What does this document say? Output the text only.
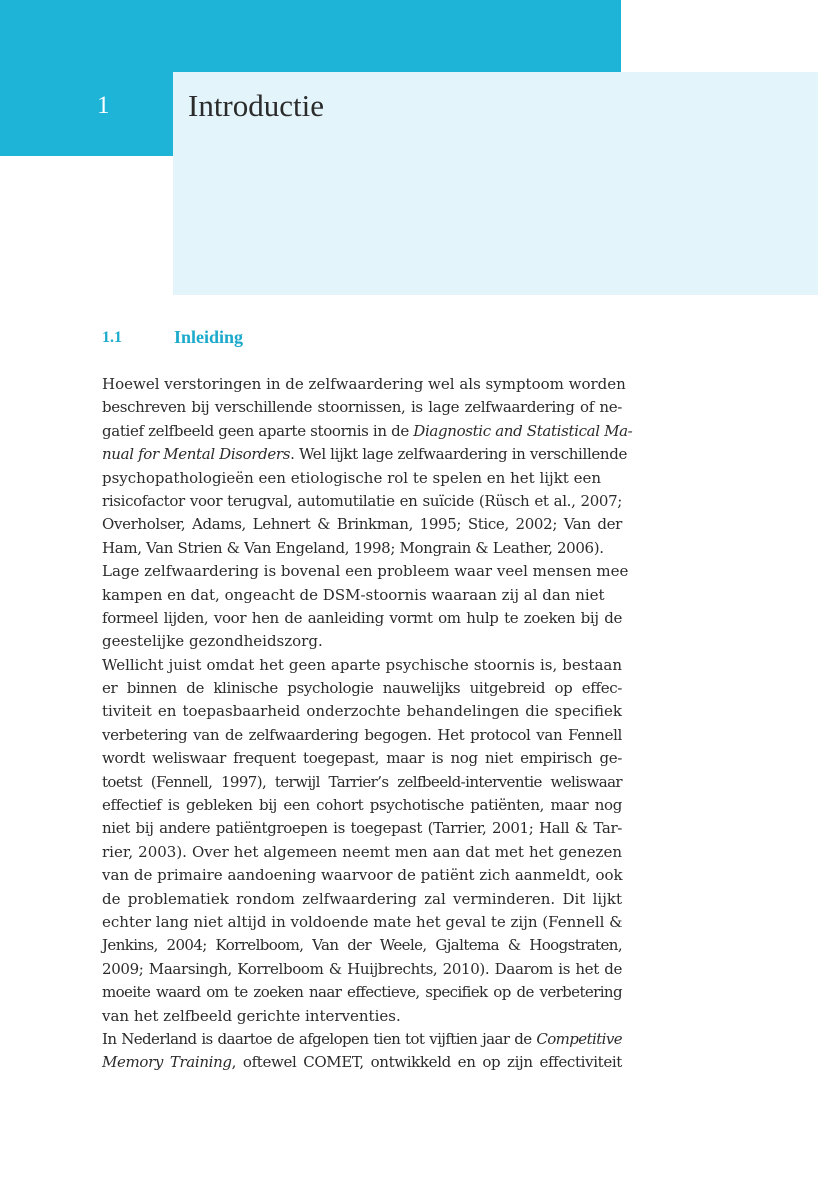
1	Introductie
1.1	Inleiding
Hoewel verstoringen in de zelfwaardering wel als symptoom worden
beschreven bij verschillende stoornissen, is lage zelfwaardering of ne-
gatief zelfbeeld geen aparte stoornis in de Diagnostic and Statistical Ma-
nual for Mental Disorders. Wel lijkt lage zelfwaardering in verschillende
psychopathologieën een etiologische rol te spelen en het lijkt een
risicofactor voor terugval, automutilatie en suïcide (Rüsch et al., 2007;
Overholser, Adams, Lehnert & Brinkman, 1995; Stice, 2002; Van der
Ham, Van Strien & Van Engeland, 1998; Mongrain & Leather, 2006).
Lage zelfwaardering is bovenal een probleem waar veel mensen mee
kampen en dat, ongeacht de DSM-stoornis waaraan zij al dan niet
formeel lijden, voor hen de aanleiding vormt om hulp te zoeken bij de
geestelijke gezondheidszorg.
Wellicht juist omdat het geen aparte psychische stoornis is, bestaan
er binnen de klinische psychologie nauwelijks uitgebreid op effec-
tiviteit en toepasbaarheid onderzochte behandelingen die specifiek
verbetering van de zelfwaardering begogen. Het protocol van Fennell
wordt weliswaar frequent toegepast, maar is nog niet empirisch ge-
toetst (Fennell, 1997), terwijl Tarrier’s zelfbeeld-interventie weliswaar
effectief is gebleken bij een cohort psychotische patiënten, maar nog
niet bij andere patiëntgroepen is toegepast (Tarrier, 2001; Hall & Tar-
rier, 2003). Over het algemeen neemt men aan dat met het genezen
van de primaire aandoening waarvoor de patiënt zich aanmeldt, ook
de problematiek rondom zelfwaardering zal verminderen. Dit lijkt
echter lang niet altijd in voldoende mate het geval te zijn (Fennell &
Jenkins, 2004; Korrelboom, Van der Weele, Gjaltema & Hoogstraten,
2009; Maarsingh, Korrelboom & Huijbrechts, 2010). Daarom is het de
moeite waard om te zoeken naar effectieve, specifiek op de verbetering
van het zelfbeeld gerichte interventies.
In Nederland is daartoe de afgelopen tien tot vijftien jaar de Competitive
Memory Training, oftewel COMET, ontwikkeld en op zijn effectiviteit
